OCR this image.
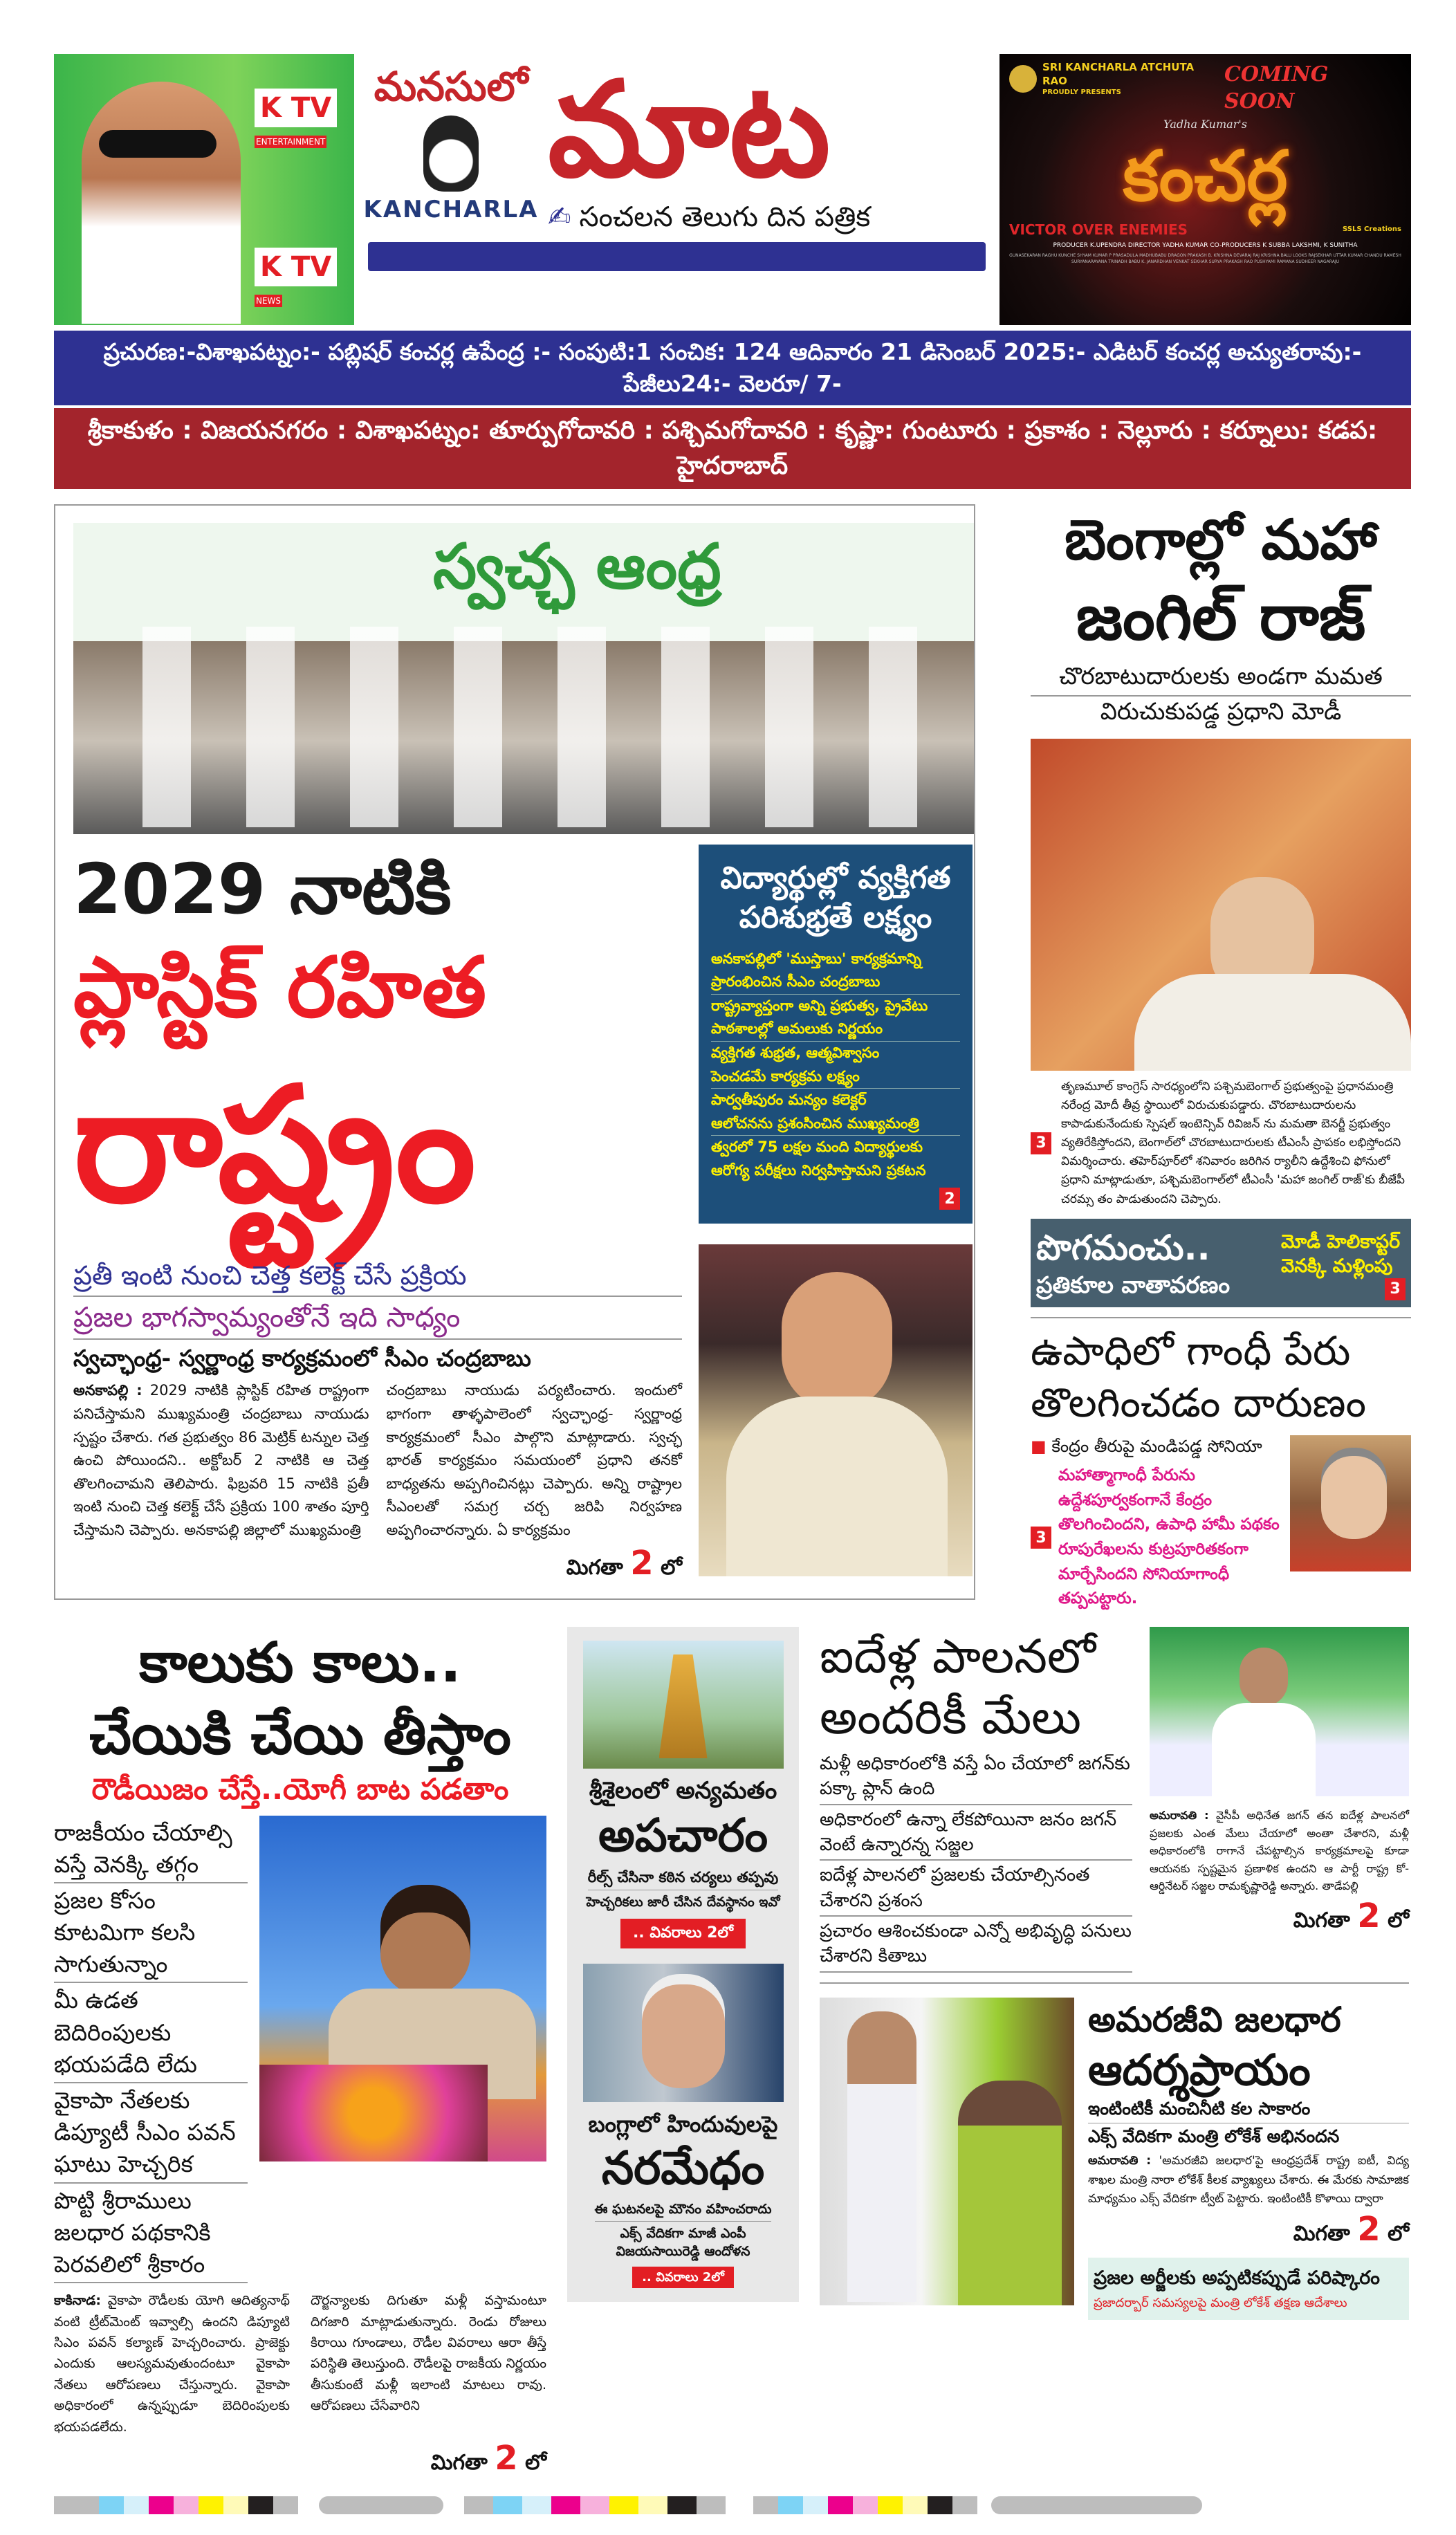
K TV
ENTERTAINMENT
K TV
NEWS
మనసులో
KANCHARLA
మాట
✍ సంచలన తెలుగు దిన పత్రిక
SRI KANCHARLA ATCHUTA RAO
PROUDLY PRESENTS
COMING SOON
Yadha Kumar's
కంచర్ల
VICTOR OVER ENEMIES	SSLS Creations
PRODUCER K.UPENDRA DIRECTOR YADHA KUMAR CO-PRODUCERS K SUBBA LAKSHMI, K SUNITHA
GUNASEKARAN RAGHU KUNCHE SHYAM KUMAR P PRASADULA MADHUBABU DRAGON PRAKASH B. KRISHNA DEVARAJ RAJ KRISHNA BALU LOOKS RAJSEKHAR UTTAR KUMAR CHANDU RAMESH SURYANARAYANA TRINADH BABU K. JANARDHAN VENKAT SEKHAR SURYA PRAKASH RAO PUSHYAMI RAMANA SUDHEER NAGARAJU
ప్రచురణ:-విశాఖపట్నం:- పబ్లిషర్ కంచర్ల ఉపేంద్ర :- సంపుటి:1 సంచిక: 124 ఆదివారం 21 డిసెంబర్ 2025:- ఎడిటర్ కంచర్ల అచ్యుతరావు:-పేజీలు24:- వెలరూ/ 7-
శ్రీకాకుళం : విజయనగరం : విశాఖపట్నం: తూర్పుగోదావరి : పశ్చిమగోదావరి : కృష్ణా: గుంటూరు : ప్రకాశం : నెల్లూరు : కర్నూలు: కడప: హైదరాబాద్
స్వచ్ఛ ఆంధ్ర
2029 నాటికి
ప్లాస్టిక్ రహిత
రాష్ట్రం
ప్రతీ ఇంటి నుంచి చెత్త కలెక్ట్ చేసే ప్రక్రియ
ప్రజల భాగస్వామ్యంతోనే ఇది సాధ్యం
స్వచ్ఛాంధ్ర- స్వర్ణాంధ్ర కార్యక్రమంలో సీఎం చంద్రబాబు
అనకాపల్లి : 2029 నాటికి ప్లాస్టిక్ రహిత రాష్ట్రంగా పనిచేస్తామని ముఖ్యమంత్రి చంద్రబాబు నాయుడు స్పష్టం చేశారు. గత ప్రభుత్వం 86 మెట్రిక్ టన్నుల చెత్త ఉంచి పోయిందని.. అక్టోబర్ 2 నాటికి ఆ చెత్త తొలగించామని తెలిపారు. ఫిబ్రవరి 15 నాటికి ప్రతీ ఇంటి నుంచి చెత్త కలెక్ట్ చేసే ప్రక్రియ 100 శాతం పూర్తి చేస్తామని చెప్పారు. అనకాపల్లి జిల్లాలో ముఖ్యమంత్రి
చంద్రబాబు నాయుడు పర్యటించారు. ఇందులో భాగంగా తాళ్ళపాలెంలో స్వచ్ఛాంధ్ర- స్వర్ణాంధ్ర కార్యక్రమంలో సీఎం పాల్గొని మాట్లాడారు. స్వచ్ఛ భారత్ కార్యక్రమం సమయంలో ప్రధాని తనకో బాధ్యతను అప్పగించినట్లు చెప్పారు. అన్ని రాష్ట్రాల సీఎంలతో సమగ్ర చర్చ జరిపి నిర్వహణ అప్పగించారన్నారు. ఏ కార్యక్రమం
మిగతా 2 లో
విద్యార్థుల్లో వ్యక్తిగత
పరిశుభ్రతే లక్ష్యం
అనకాపల్లిలో 'ముస్తాబు' కార్యక్రమాన్ని
ప్రారంభించిన సీఎం చంద్రబాబు
రాష్ట్రవ్యాప్తంగా అన్ని ప్రభుత్వ, ప్రైవేటు
పాఠశాలల్లో అమలుకు నిర్ణయం
వ్యక్తిగత శుభ్రత, ఆత్మవిశ్వాసం
పెంచడమే కార్యక్రమ లక్ష్యం
పార్వతీపురం మన్యం కలెక్టర్
ఆలోచనను ప్రశంసించిన ముఖ్యమంత్రి
త్వరలో 75 లక్షల మంది విద్యార్థులకు
ఆరోగ్య పరీక్షలు నిర్వహిస్తామని ప్రకటన
2
బెంగాల్లో మహా
జంగిల్ రాజ్
చొరబాటుదారులకు అండగా మమత
విరుచుకుపడ్డ ప్రధాని మోడీ
3
తృణమూల్ కాంగ్రెస్ సారధ్యంలోని పశ్చిమబెంగాల్ ప్రభుత్వంపై ప్రధానమంత్రి నరేంద్ర మోదీ తీవ్ర స్థాయిలో విరుచుకుపడ్డారు. చొరబాటుదారులను కాపాడుకునేందుకు స్పెషల్ ఇంటెన్సివ్ రివిజన్ ను మమతా బెనర్జీ ప్రభుత్వం వ్యతిరేకిస్తోందని, బెంగాల్‌లో చొరబాటుదారులకు టీఎంసీ ప్రాపకం లభిస్తోందని విమర్శించారు. తహెర్‌పూర్‌లో శనివారం జరిగిన ర్యాలీని ఉద్దేశించి ఫోనులో ప్రధాని మాట్లాడుతూ, పశ్చిమబెంగాల్‌లో టీఎంసీ 'మహా జంగిల్ రాజ్'కు బీజేపీ చరమ్స తం పాడుతుందని చెప్పారు.
పొగమంచు..
ప్రతికూల వాతావరణం
మోడీ హెలికాప్టర్
వెనక్కి మళ్లింపు
3
ఉపాధిలో గాంధీ పేరు
తొలగించడం దారుణం
■ కేంద్రం తీరుపై మండిపడ్డ సోనియా
3
మహాత్మాగాంధీ పేరును ఉద్దేశపూర్వకంగానే కేంద్రం తొలగించిందని, ఉపాధి హామీ పథకం రూపురేఖలను కుట్రపూరితకంగా మార్చేసిందని సోనియాగాంధీ తప్పపట్టారు.
కాలుకు కాలు..
చేయికి చేయి తీస్తాం
రౌడీయిజం చేస్తే..యోగీ బాట పడతాం
రాజకీయం చేయాల్సి వస్తే వెనక్కి తగ్గం
ప్రజల కోసం కూటమిగా కలసి సాగుతున్నాం
మీ ఉడత బెదిరింపులకు భయపడేది లేదు
వైకాపా నేతలకు డిప్యూటీ సీఎం పవన్ ఘాటు హెచ్చరిక
పొట్టి శ్రీరాములు జలధార పథకానికి పెరవలిలో శ్రీకారం
కాకినాడ: వైకాపా రౌడీలకు యోగి ఆదిత్యనాథ్ వంటి ట్రీట్‌మెంట్ ఇవ్వాల్సి ఉందని డిప్యూటి సిఎం పవన్ కల్యాణ్ హెచ్చరించారు. ప్రాజెక్టు ఎందుకు ఆలస్యమవుతుందంటూ వైకాపా నేతలు ఆరోపణలు చేస్తున్నారు. వైకాపా అధికారంలో ఉన్నప్పుడూ బెదిరింపులకు భయపడలేదు.
దౌర్జన్యాలకు దిగుతూ మళ్లీ వస్తామంటూ దిగజారి మాట్లాడుతున్నారు. రెండు రోజులు కిరాయి గూండాలు, రౌడీల వివరాలు ఆరా తీస్తే పరిస్థితి తెలుస్తుంది. రౌడీలపై రాజకీయ నిర్ణయం తీసుకుంటే మళ్లీ ఇలాంటి మాటలు రావు. ఆరోపణలు చేసేవారిని
మిగతా 2 లో
శ్రీశైలంలో అన్యమతం
అపచారం
రీల్స్ చేసినా కఠిన చర్యలు తప్పవు
హెచ్చరికలు జారీ చేసిన దేవస్థానం ఇవో
.. వివరాలు 2లో
బంగ్లాలో హిందువులపై
నరమేధం
ఈ ఘటనలపై మౌనం వహించరాదు
ఎక్స్ వేదికగా మాజీ ఎంపీ
విజయసాయిరెడ్డి ఆందోళన
.. వివరాలు 2లో
ఐదేళ్ల పాలనలో
అందరికీ మేలు
మళ్లీ అధికారంలోకి వస్తే ఏం చేయాలో జగన్‌కు పక్కా ప్లాన్ ఉంది
అధికారంలో ఉన్నా లేకపోయినా జనం జగన్ వెంటే ఉన్నారన్న సజ్జల
ఐదేళ్ల పాలనలో ప్రజలకు చేయాల్సినంత చేశారని ప్రశంస
ప్రచారం ఆశించకుండా ఎన్నో అభివృద్ధి పనులు చేశారని కితాబు
అమరావతి : వైసీపీ అధినేత జగన్ తన ఐదేళ్ల పాలనలో ప్రజలకు ఎంత మేలు చేయాలో అంతా చేశారని, మళ్లీ అధికారంలోకి రాగానే చేపట్టాల్సిన కార్యక్రమాలపై కూడా ఆయనకు స్పష్టమైన ప్రణాళిక ఉందని ఆ పార్టీ రాష్ట్ర కో-ఆర్డినేటర్ సజ్జల రామకృష్ణారెడ్డి అన్నారు. తాడేపల్లి
మిగతా 2 లో
అమరజీవి జలధార
ఆదర్శప్రాయం
ఇంటింటికీ మంచినీటి కల సాకారం
ఎక్స్ వేదికగా మంత్రి లోకేశ్ అభినందన
అమరావతి : 'అమరజీవి జలధార'పై ఆంధ్రప్రదేశ్ రాష్ట్ర ఐటీ, విద్య శాఖల మంత్రి నారా లోకేశ్ కీలక వ్యాఖ్యలు చేశారు. ఈ మేరకు సామాజిక మాధ్యమం ఎక్స్ వేదికగా ట్వీట్ పెట్టారు. ఇంటింటికీ కొళాయి ద్వారా
మిగతా 2 లో
ప్రజల అర్జీలకు అప్పటికప్పుడే పరిష్కారం
ప్రజాదర్బార్ సమస్యలపై మంత్రి లోకేశ్ తక్షణ ఆదేశాలు
